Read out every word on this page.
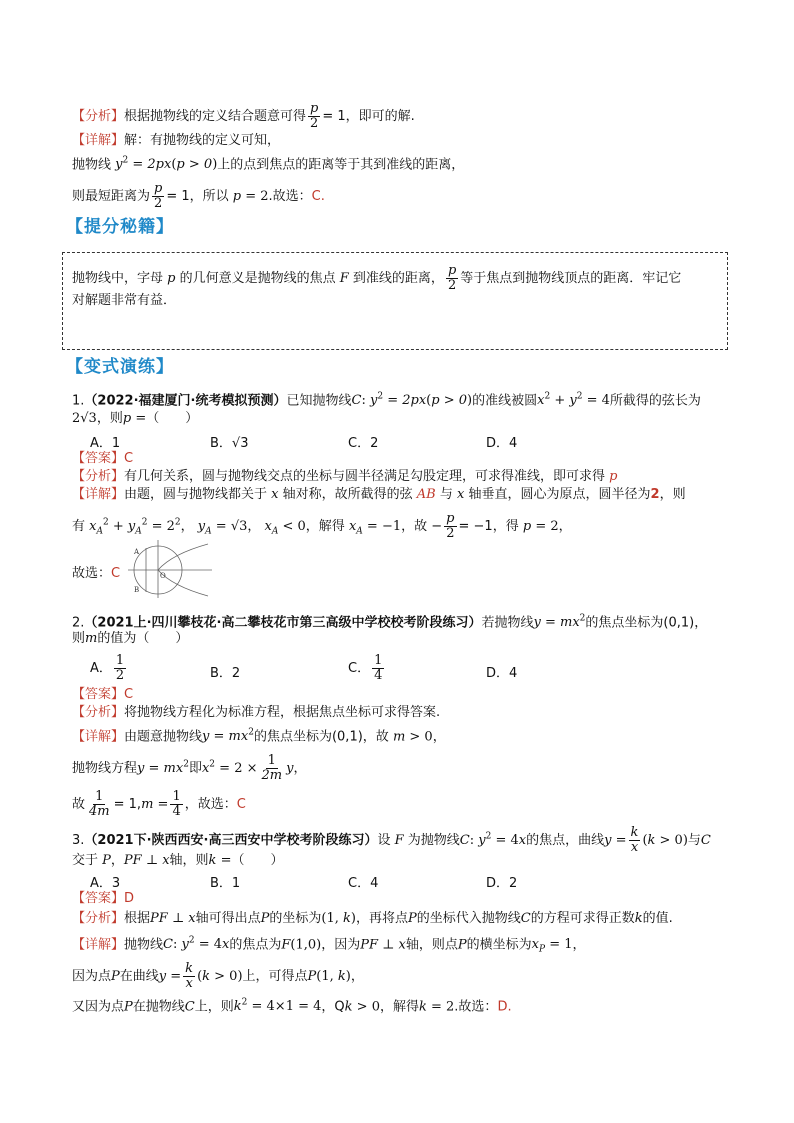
【分析】根据抛物线的定义结合题意可得 $\frac{p}{2} = 1$，即可的解.
【详解】解：有抛物线的定义可知，
抛物线 $y^2 = 2px(p > 0)$上的点到焦点的距离等于其到准线的距离，
则最短距离为 $\frac{p}{2} = 1$，所以 p = 2.故选：C.
【提分秘籍】
抛物线中，字母 p 的几何意义是抛物线的焦点 F 到准线的距离， $\frac{p}{2}$ 等于焦点到抛物线顶点的距离．牢记它
对解题非常有益．
【变式演练】
1.（2022·福建厦门·统考模拟预测）已知抛物线C: $y^2 = 2px(p > 0)$的准线被圆$x^2 + y^2 = 4$所截得的弦长为
2√3，则p =（　　）
A．1	B．√3	C．2	D．4
【答案】C
【分析】有几何关系，圆与抛物线交点的坐标与圆半径满足勾股定理，可求得准线，即可求得 p
【详解】由题，圆与抛物线都关于 x 轴对称，故所截得的弦 AB 与 x 轴垂直，圆心为原点，圆半径为2，则
有 $x_A^2 + y_A^2 = 2^2$， $y_A = √3$， $x_A < 0$，解得 $x_A = -1$，故 − $\frac{p}{2} = -1$，得 p = 2，
故选：C
A
B
O
2.（2021上·四川攀枝花·高二攀枝花市第三高级中学校校考阶段练习）若抛物线$y = mx^2$的焦点坐标为(0,1)，
则m的值为（　　）
A． $\frac{1}{2}$	B．2	C． $\frac{1}{4}$	D．4
【答案】C
【分析】将抛物线方程化为标准方程，根据焦点坐标可求得答案.
【详解】由题意抛物线$y = mx^2$的焦点坐标为(0,1)，故 m > 0，
抛物线方程$y = mx^2$即$x^2 = 2 \times \frac{1}{2m}$ y，
故 $\frac{1}{4m} = 1,m = \frac{1}{4}$ ，故选：C
3.（2021下·陕西西安·高三西安中学校考阶段练习）设 F 为抛物线C: $y^2 = 4x$的焦点，曲线$y = \frac{k}{x} (k > 0)$与C
交于 P，PF ⊥ x轴，则k =（　　）
A．3	B．1	C．4	D．2
【答案】D
【分析】根据PF ⊥ x轴可得出点P的坐标为(1, k)，再将点P的坐标代入抛物线C的方程可求得正数k的值.
【详解】抛物线C: $y^2 = 4x$的焦点为F(1,0)，因为PF ⊥ x轴，则点P的横坐标为$x_P = 1$，
因为点P在曲线$y = \frac{k}{x} (k > 0)$上，可得点P(1, k)，
又因为点P在抛物线C上，则$k^2 = 4\times 1 = 4$，Qk > 0，解得k = 2.故选：D.
